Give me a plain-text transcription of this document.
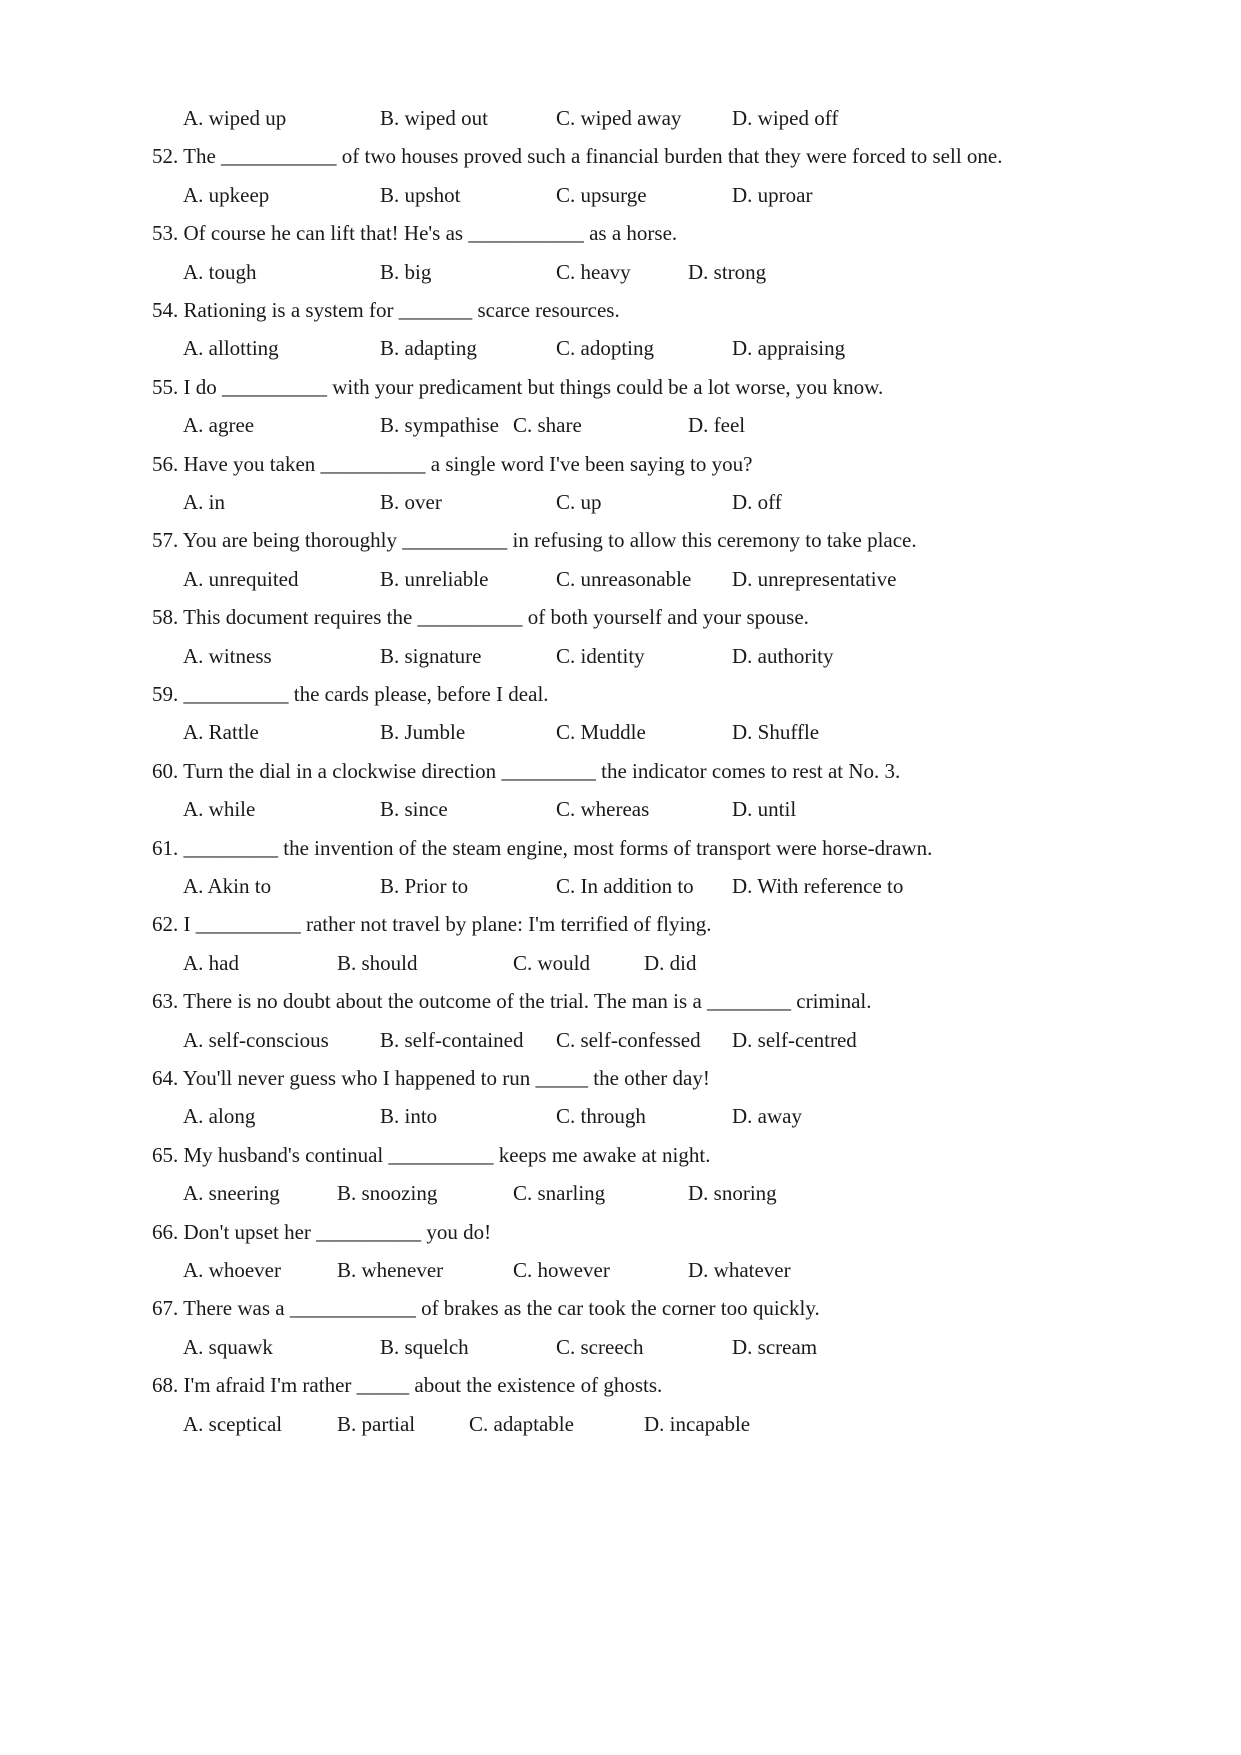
A. wiped up	B. wiped out	C. wiped away D. wiped off
52. The ___________ of two houses proved such a financial burden that they were forced to sell one.
A. upkeep	B. upshot	C. upsurge	D. uproar
53. Of course he can lift that! He's as ___________ as a horse.
A. tough	B. big	C. heavy	D. strong
54. Rationing is a system for _______ scarce resources.
A. allotting	B. adapting	C. adopting	D. appraising
55. I do __________ with your predicament but things could be a lot worse, you know.
A. agree	B. sympathise C. share	D. feel
56. Have you taken __________ a single word I've been saying to you?
A. in	B. over	C. up	D. off
57. You are being thoroughly __________ in refusing to allow this ceremony to take place.
A. unrequited	B. unreliable	C. unreasonable D. unrepresentative
58. This document requires the __________ of both yourself and your spouse.
A. witness	B. signature	C. identity	D. authority
59. __________ the cards please, before I deal.
A. Rattle	B. Jumble	C. Muddle	D. Shuffle
60. Turn the dial in a clockwise direction _________ the indicator comes to rest at No. 3.
A. while	B. since	C. whereas	D. until
61. _________ the invention of the steam engine, most forms of transport were horse-drawn.
A. Akin to	B. Prior to	C. In addition to D. With reference to
62. I __________ rather not travel by plane: I'm terrified of flying.
A. had	B. should	C. would	D. did
63. There is no doubt about the outcome of the trial. The man is a ________ criminal.
A. self-conscious B. self-contained C. self-confessed D. self-centred
64. You'll never guess who I happened to run _____ the other day!
A. along	B. into	C. through	D. away
65. My husband's continual __________ keeps me awake at night.
A. sneering	B. snoozing	C. snarling	D. snoring
66. Don't upset her __________ you do!
A. whoever	B. whenever	C. however	D. whatever
67. There was a ____________ of brakes as the car took the corner too quickly.
A. squawk	B. squelch	C. screech	D. scream
68. I'm afraid I'm rather _____ about the existence of ghosts.
A. sceptical	B. partial	C. adaptable	D. incapable
